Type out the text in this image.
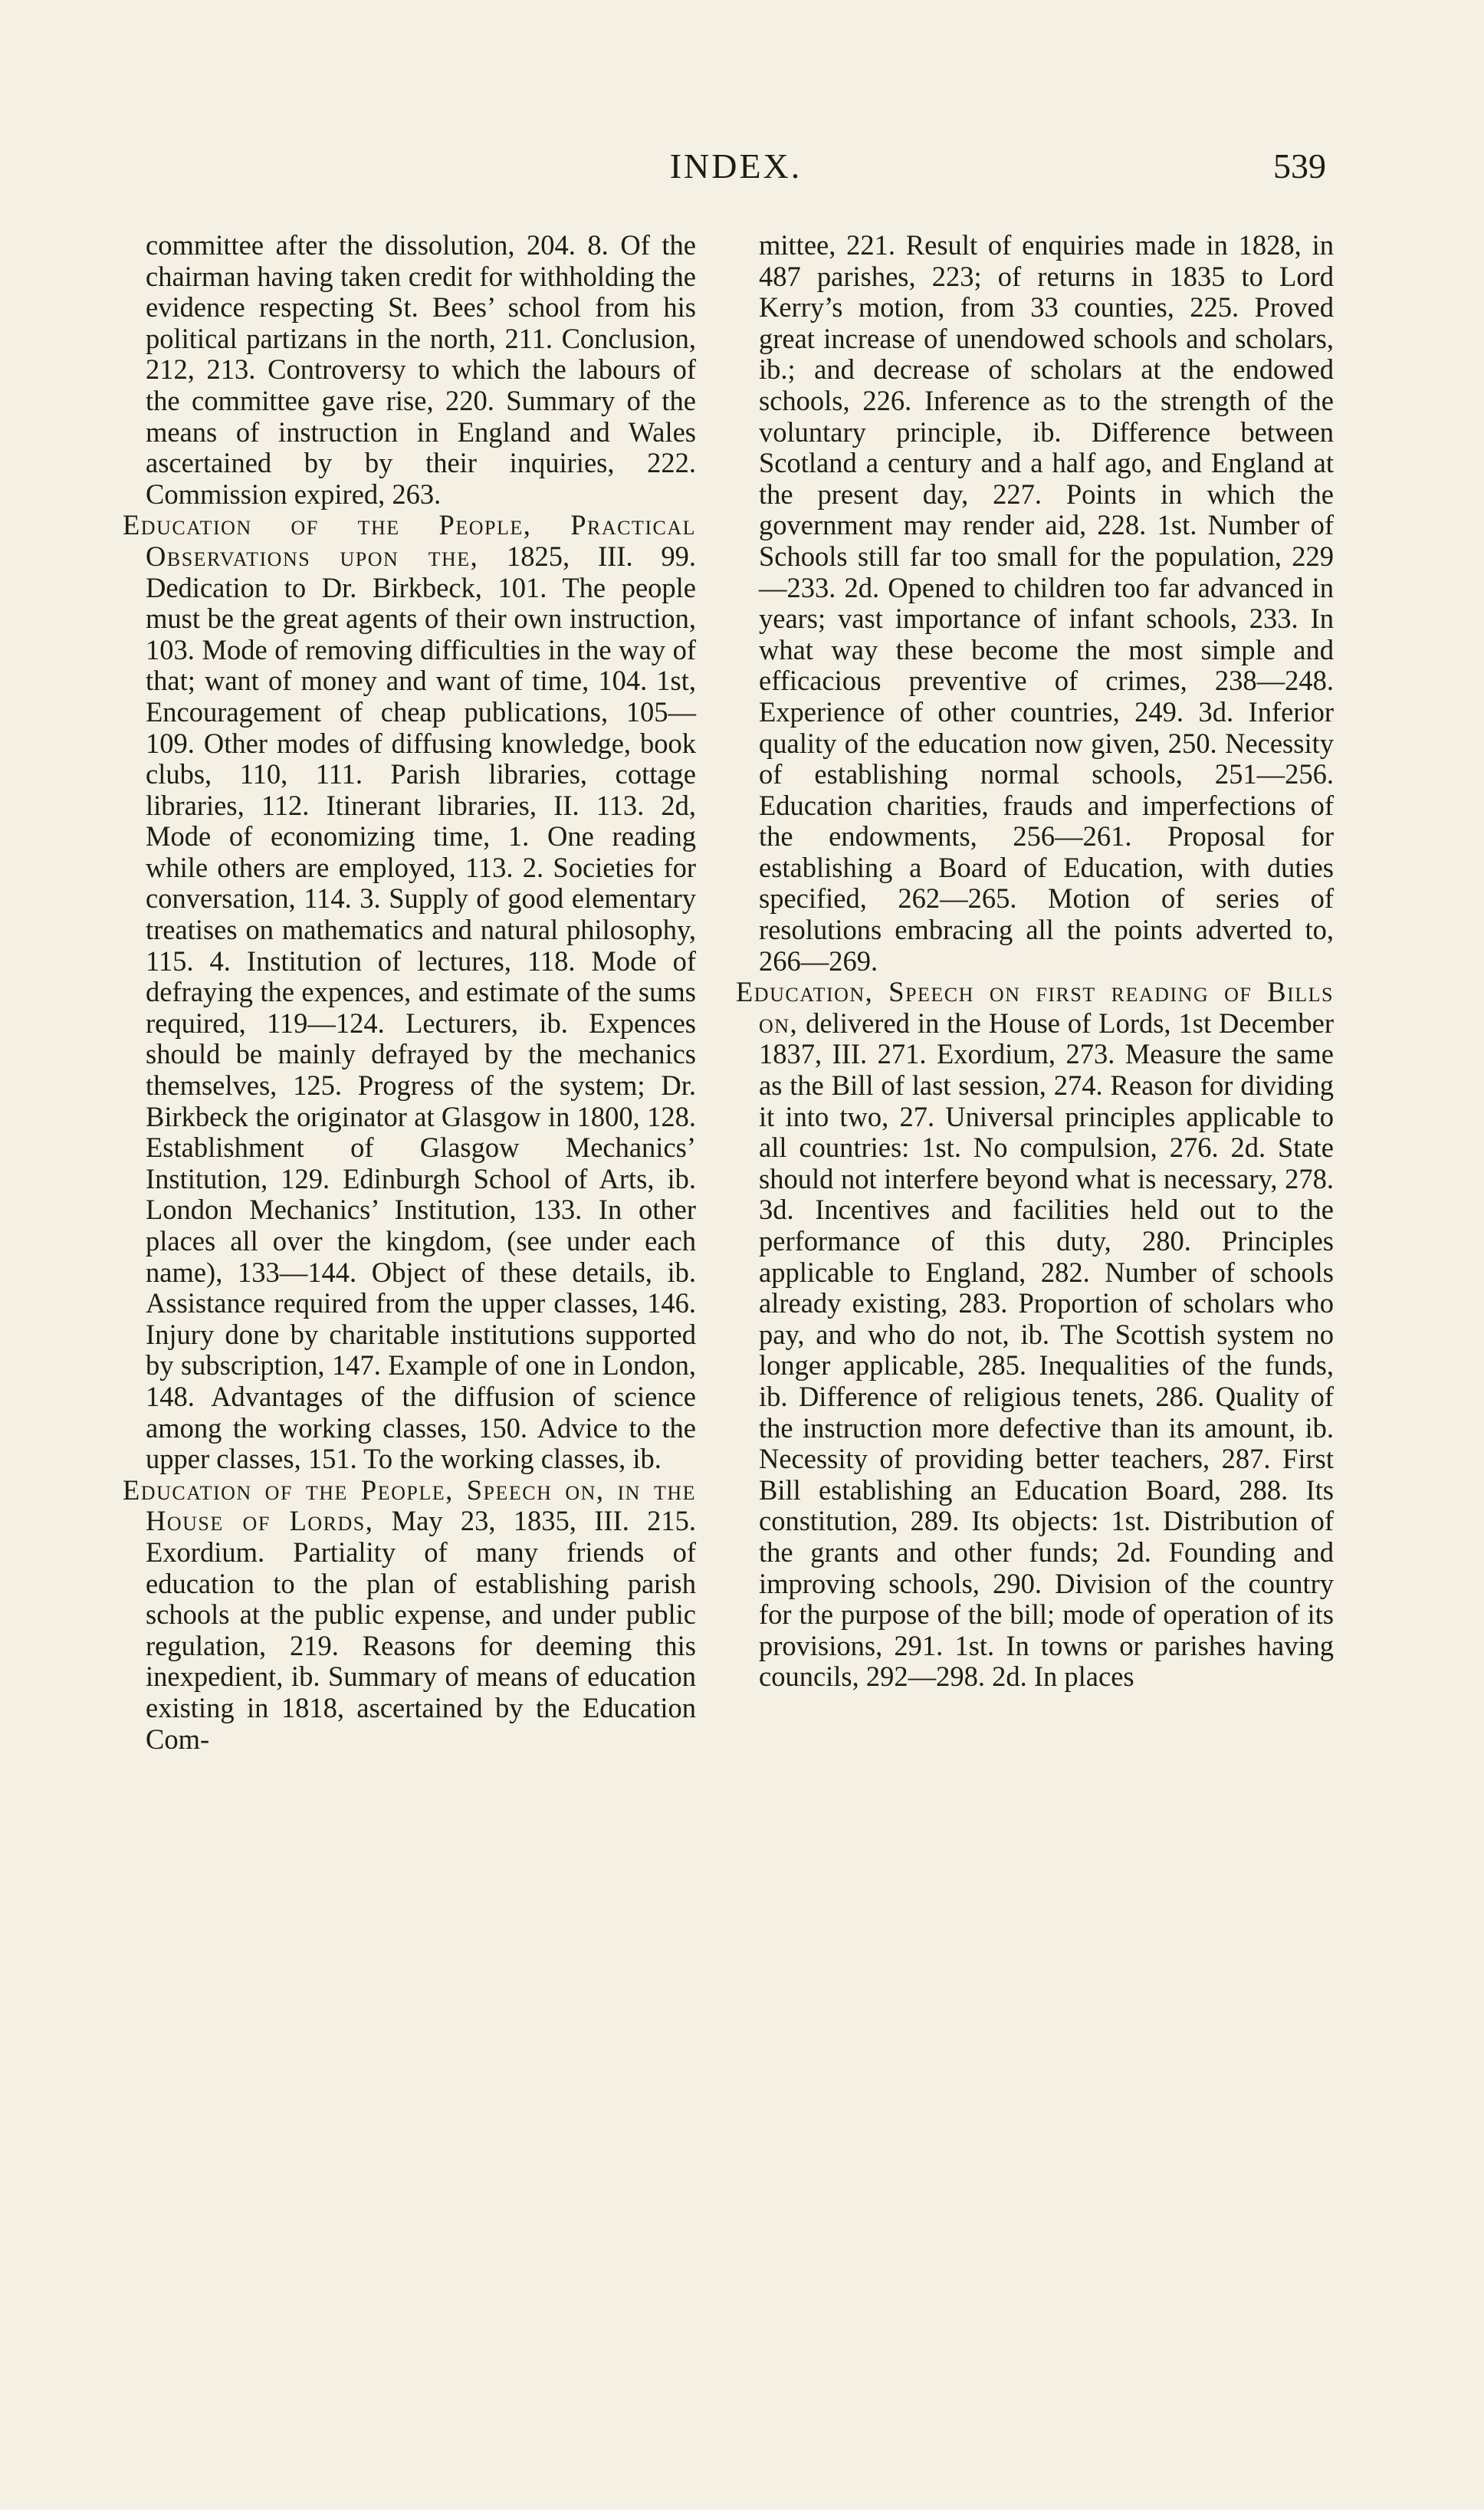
INDEX.	539

committee after the dissolution, 204. 8. Of the chairman having taken credit for withholding the evidence respecting St. Bees’ school from his political partizans in the north, 211. Conclusion, 212, 213. Controversy to which the labours of the committee gave rise, 220. Summary of the means of instruction in England and Wales ascertained by by their inquiries, 222. Commission expired, 263.

Education of the People, Practical Observations upon the, 1825, III. 99. Dedication to Dr. Birkbeck, 101. The people must be the great agents of their own instruction, 103. Mode of removing difficulties in the way of that; want of money and want of time, 104. 1st, Encouragement of cheap publications, 105—109. Other modes of diffusing knowledge, book clubs, 110, 111. Parish libraries, cottage libraries, 112. Itinerant libraries, II. 113. 2d, Mode of economizing time, 1. One reading while others are employed, 113. 2. Societies for conversation, 114. 3. Supply of good elementary treatises on mathematics and natural philosophy, 115. 4. Institution of lectures, 118. Mode of defraying the expences, and estimate of the sums required, 119—124. Lecturers, ib. Expences should be mainly defrayed by the mechanics themselves, 125. Progress of the system; Dr. Birkbeck the originator at Glasgow in 1800, 128. Establishment of Glasgow Mechanics’ Institution, 129. Edinburgh School of Arts, ib. London Mechanics’ Institution, 133. In other places all over the kingdom, (see under each name), 133—144. Object of these details, ib. Assistance required from the upper classes, 146. Injury done by charitable institutions supported by subscription, 147. Example of one in London, 148. Advantages of the diffusion of science among the working classes, 150. Advice to the upper classes, 151. To the working classes, ib.

Education of the People, Speech on, in the House of Lords, May 23, 1835, III. 215. Exordium. Partiality of many friends of education to the plan of establishing parish schools at the public expense, and under public regulation, 219. Reasons for deeming this inexpedient, ib. Summary of means of education existing in 1818, ascertained by the Education Com-

mittee, 221. Result of enquiries made in 1828, in 487 parishes, 223; of returns in 1835 to Lord Kerry’s motion, from 33 counties, 225. Proved great increase of unendowed schools and scholars, ib.; and decrease of scholars at the endowed schools, 226. Inference as to the strength of the voluntary principle, ib. Difference between Scotland a century and a half ago, and England at the present day, 227. Points in which the government may render aid, 228. 1st. Number of Schools still far too small for the population, 229—233. 2d. Opened to children too far advanced in years; vast importance of infant schools, 233. In what way these become the most simple and efficacious preventive of crimes, 238—248. Experience of other countries, 249. 3d. Inferior quality of the education now given, 250. Necessity of establishing normal schools, 251—256. Education charities, frauds and imperfections of the endowments, 256—261. Proposal for establishing a Board of Education, with duties specified, 262—265. Motion of series of resolutions embracing all the points adverted to, 266—269.

Education, Speech on first reading of Bills on, delivered in the House of Lords, 1st December 1837, III. 271. Exordium, 273. Measure the same as the Bill of last session, 274. Reason for dividing it into two, 27. Universal principles applicable to all countries: 1st. No compulsion, 276. 2d. State should not interfere beyond what is necessary, 278. 3d. Incentives and facilities held out to the performance of this duty, 280. Principles applicable to England, 282. Number of schools already existing, 283. Proportion of scholars who pay, and who do not, ib. The Scottish system no longer applicable, 285. Inequalities of the funds, ib. Difference of religious tenets, 286. Quality of the instruction more defective than its amount, ib. Necessity of providing better teachers, 287. First Bill establishing an Education Board, 288. Its constitution, 289. Its objects: 1st. Distribution of the grants and other funds; 2d. Founding and improving schools, 290. Division of the country for the purpose of the bill; mode of operation of its provisions, 291. 1st. In towns or parishes having councils, 292—298. 2d. In places
